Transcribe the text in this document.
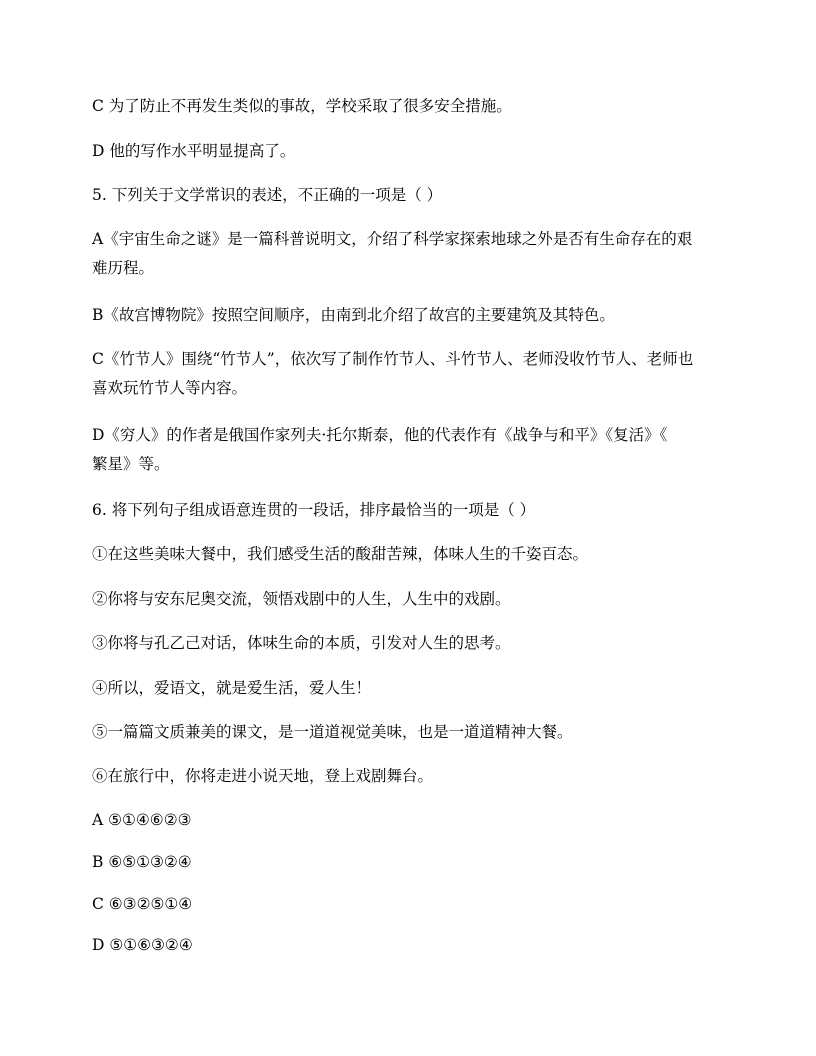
C 为了防止不再发生类似的事故，学校采取了很多安全措施。
D 他的写作水平明显提高了。
5. 下列关于文学常识的表述，不正确的一项是（ ）
A《宇宙生命之谜》是一篇科普说明文，介绍了科学家探索地球之外是否有生命存在的艰
难历程。
B《故宫博物院》按照空间顺序，由南到北介绍了故宫的主要建筑及其特色。
C《竹节人》围绕“竹节人”，依次写了制作竹节人、斗竹节人、老师没收竹节人、老师也
喜欢玩竹节人等内容。
D《穷人》的作者是俄国作家列夫·托尔斯泰，他的代表作有《战争与和平》《复活》《
繁星》等。
6. 将下列句子组成语意连贯的一段话，排序最恰当的一项是（ ）
①在这些美味大餐中，我们感受生活的酸甜苦辣，体味人生的千姿百态。
②你将与安东尼奥交流，领悟戏剧中的人生，人生中的戏剧。
③你将与孔乙己对话，体味生命的本质，引发对人生的思考。
④所以，爱语文，就是爱生活，爱人生！
⑤一篇篇文质兼美的课文，是一道道视觉美味，也是一道道精神大餐。
⑥在旅行中，你将走进小说天地，登上戏剧舞台。
A ⑤①④⑥②③
B ⑥⑤①③②④
C ⑥③②⑤①④
D ⑤①⑥③②④
